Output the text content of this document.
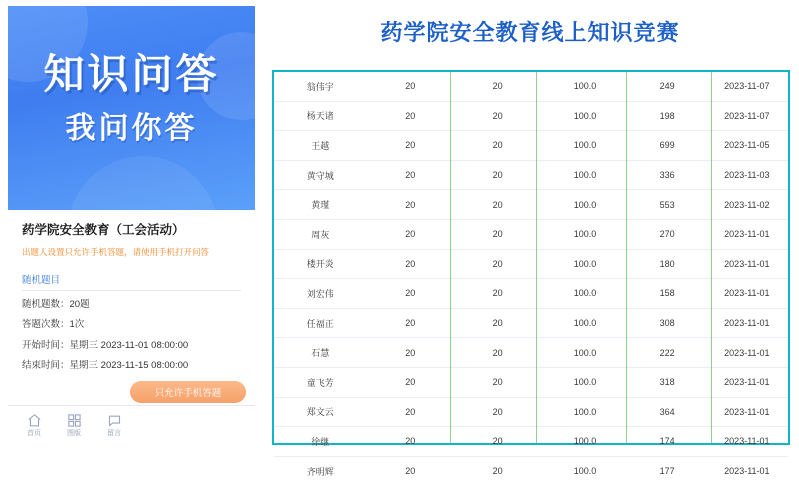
知识问答
我问你答
药学院安全教育（工会活动）
出题人设置只允许手机答题，请使用手机打开问答
随机题目
随机题数：20题
答题次数：1次
开始时间：星期三 2023-11-01 08:00:00
结束时间：星期三 2023-11-15 08:00:00
只允许手机答题
首页	图版	留言
药学院安全教育线上知识竞赛
翁伟宇	20	20	100.0	249	2023-11-07
杨天诸	20	20	100.0	198	2023-11-07
王越	20	20	100.0	699	2023-11-05
黄守城	20	20	100.0	336	2023-11-03
黄瑾	20	20	100.0	553	2023-11-02
周灰	20	20	100.0	270	2023-11-01
楼开炎	20	20	100.0	180	2023-11-01
刘宏伟	20	20	100.0	158	2023-11-01
任福正	20	20	100.0	308	2023-11-01
石慧	20	20	100.0	222	2023-11-01
童飞芳	20	20	100.0	318	2023-11-01
郑文云	20	20	100.0	364	2023-11-01
徐继	20	20	100.0	174	2023-11-01
齐明辉	20	20	100.0	177	2023-11-01
